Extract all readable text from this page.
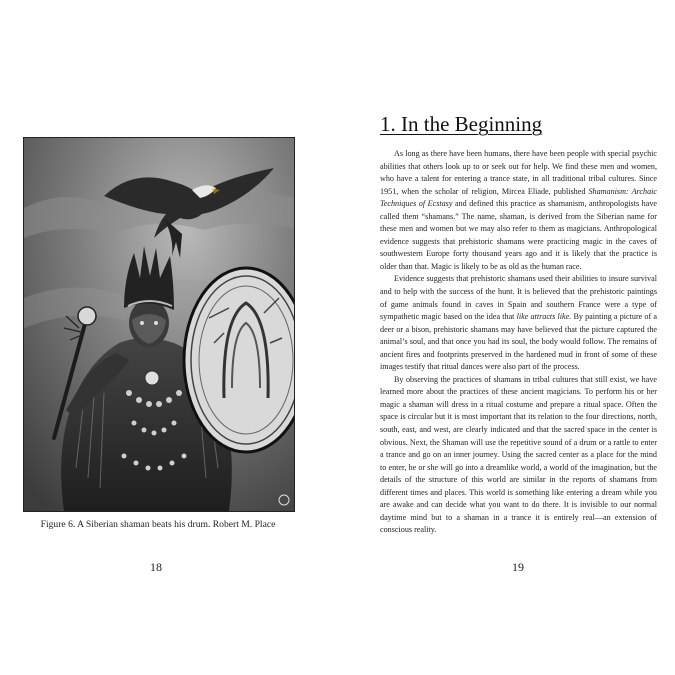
Figure 6. A Siberian shaman beats his drum. Robert M. Place
18
1. In the Beginning

As long as there have been humans, there have been people with special psychic abilities that others look up to or seek out for help. We find these men and women, who have a talent for entering a trance state, in all traditional tribal cultures. Since 1951, when the scholar of religion, Mircea Eliade, published Shamanism: Archaic Techniques of Ecstasy and defined this practice as shamanism, anthropologists have called them “shamans.” The name, shaman, is derived from the Siberian name for these men and women but we may also refer to them as magicians. Anthropological evidence suggests that prehistoric shamans were practicing magic in the caves of southwestern Europe forty thousand years ago and it is likely that the practice is older than that. Magic is likely to be as old as the human race.

Evidence suggests that prehistoric shamans used their abilities to insure survival and to help with the success of the hunt. It is believed that the prehistoric paintings of game animals found in caves in Spain and southern France were a type of sympathetic magic based on the idea that like attracts like. By painting a picture of a deer or a bison, prehistoric shamans may have believed that the picture captured the animal’s soul, and that once you had its soul, the body would follow. The remains of ancient fires and footprints preserved in the hardened mud in front of some of these images testify that ritual dances were also part of the process.

By observing the practices of shamans in tribal cultures that still exist, we have learned more about the practices of these ancient magicians. To perform his or her magic a shaman will dress in a ritual costume and prepare a ritual space. Often the space is circular but it is most important that its relation to the four directions, north, south, east, and west, are clearly indicated and that the sacred space in the center is obvious. Next, the Shaman will use the repetitive sound of a drum or a rattle to enter a trance and go on an inner journey. Using the sacred center as a place for the mind to enter, he or she will go into a dreamlike world, a world of the imagination, but the details of the structure of this world are similar in the reports of shamans from different times and places. This world is something like entering a dream while you are awake and can decide what you want to do there. It is invisible to our normal daytime mind but to a shaman in a trance it is entirely real—an extension of conscious reality.

19
